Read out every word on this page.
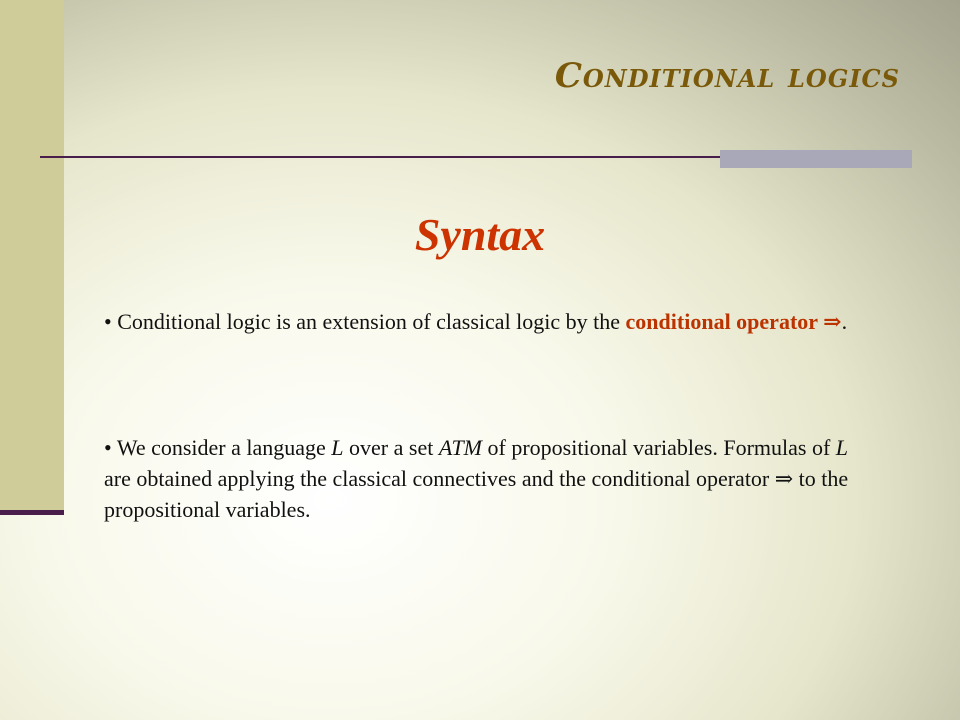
Conditional logics
Syntax
• Conditional logic is an extension of classical logic by the conditional operator ⇒.
• We consider a language L over a set ATM of propositional variables. Formulas of L are obtained applying the classical connectives and the conditional operator ⇒ to the propositional variables.
